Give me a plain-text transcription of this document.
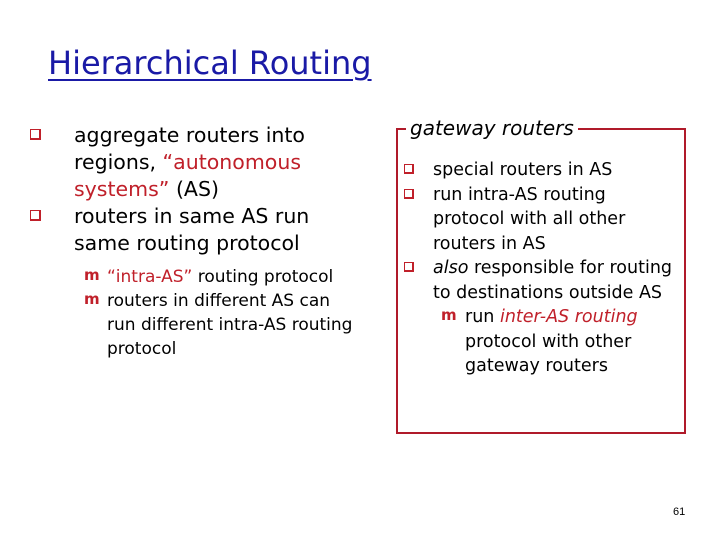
Hierarchical Routing
aggregate routers into regions, “autonomous systems” (AS)
routers in same AS run same routing protocol
m “intra-AS” routing protocol
m routers in different AS can run different intra-AS routing protocol
gateway routers
special routers in AS
run intra-AS routing protocol with all other routers in AS
also responsible for routing to destinations outside AS
m run inter-AS routing protocol with other gateway routers
61
